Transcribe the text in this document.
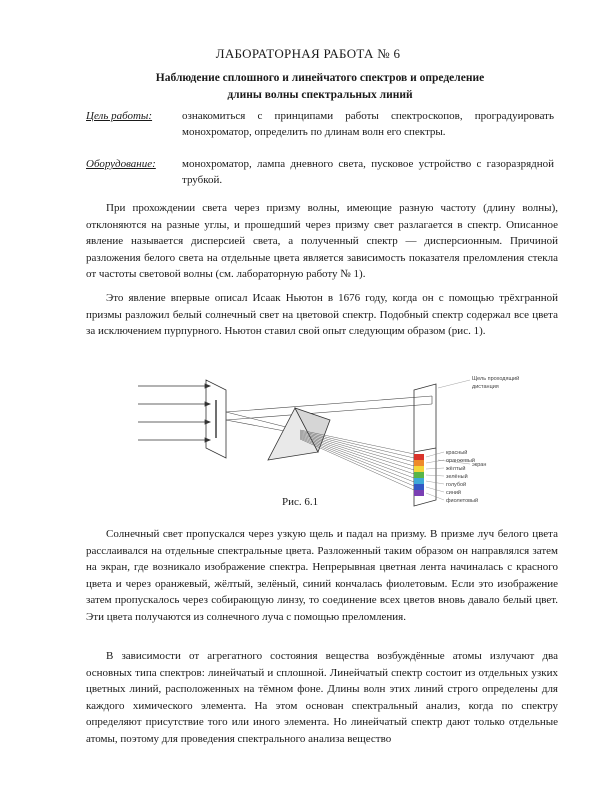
ЛАБОРАТОРНАЯ РАБОТА № 6
Наблюдение сплошного и линейчатого спектров и определение
длины волны спектральных линий
Цель работы:	ознакомиться с принципами работы спектроскопов, проградуировать монохроматор, определить по длинам волн его спектры.
Оборудование:	монохроматор, лампа дневного света, пусковое устройство с газоразрядной трубкой.
При прохождении света через призму волны, имеющие разную частоту (длину волны), отклоняются на разные углы, и прошедший через призму свет разлагается в спектр. Описанное явление называется дисперсией света, а полученный спектр — дисперсионным. Причиной разложения белого света на отдельные цвета является зависимость показателя преломления стекла от частоты световой волны (см. лабораторную работу № 1).
Это явление впервые описал Исаак Ньютон в 1676 году, когда он с помощью трёхгранной призмы разложил белый солнечный свет на цветовой спектр. Подобный спектр содержал все цвета за исключением пурпурного. Ньютон ставил свой опыт следующим образом (рис. 1).
Щель проходящий
дистанция
экран
красный
оранжевый
жёлтый
зелёный
голубой
синий
фиолетовый
Рис. 6.1
Солнечный свет пропускался через узкую щель и падал на призму. В призме луч белого цвета расслаивался на отдельные спектральные цвета. Разложенный таким образом он направлялся затем на экран, где возникало изображение спектра. Непрерывная цветная лента начиналась с красного цвета и через оранжевый, жёлтый, зелёный, синий кончалась фиолетовым. Если это изображение затем пропускалось через собирающую линзу, то соединение всех цветов вновь давало белый цвет. Эти цвета получаются из солнечного луча с помощью преломления.
В зависимости от агрегатного состояния вещества возбуждённые атомы излучают два основных типа спектров: линейчатый и сплошной. Линейчатый спектр состоит из отдельных узких цветных линий, расположенных на тёмном фоне. Длины волн этих линий строго определены для каждого химического элемента. На этом основан спектральный анализ, когда по спектру определяют присутствие того или иного элемента. Но линейчатый спектр дают только отдельные атомы, поэтому для проведения спектрального анализа вещество
